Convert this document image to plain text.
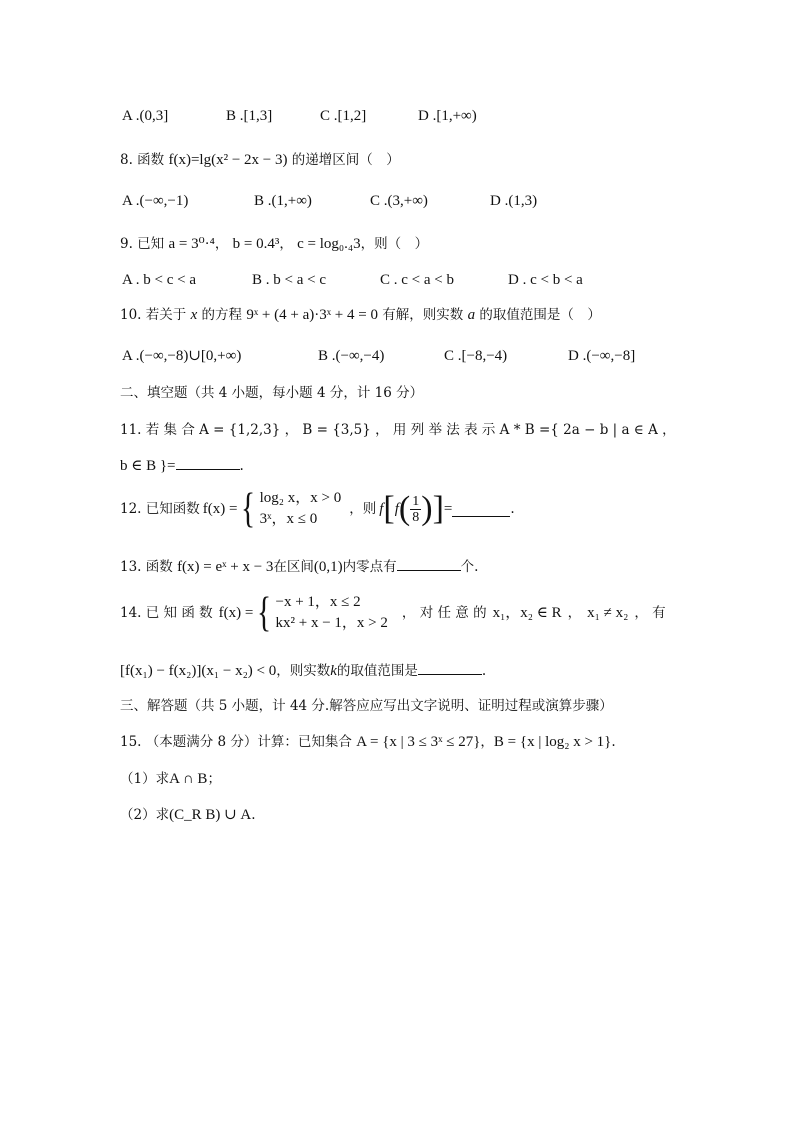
A .(0,3]	B .[1,3]	C .[1,2]	D .[1,+∞)
8. 函数 f(x)=lg(x² − 2x − 3) 的递增区间（　）
A .(−∞,−1)	B .(1,+∞)	C .(3,+∞)	D .(1,3)
9. 已知 a = 3⁰·⁴， b = 0.4³， c = log₀.₄3，则（　）
A . b < c < a	B . b < a < c	C . c < a < b	D . c < b < a
10. 若关于 x 的方程 9ˣ + (4 + a)·3ˣ + 4 = 0 有解，则实数 a 的取值范围是（　）
A .(−∞,−8)∪[0,+∞)	B .(−∞,−4)	C .[−8,−4)	D .(−∞,−8]
二、填空题（共 4 小题，每小题 4 分，计 16 分）
11. 若 集 合 A = {1,2,3} ， B = {3,5} ， 用 列 举 法 表 示 A * B ={ 2a − b | a ∈ A ，
b ∈ B }=	.
12. 已知函数 f(x) = { log₂ x，x > 0
3ˣ，x ≤ 0
，则 f [ f ( $\frac{1}{8}$ ) ] =	.
13. 函数 f(x) = eˣ + x − 3在区间(0,1)内零点有	个.
14. 已 知 函 数 f(x) = { −x + 1，x ≤ 2
kx² + x − 1，x > 2
， 对 任 意 的 x₁，x₂ ∈ R ， x₁ ≠ x₂ ， 有
[f(x₁) − f(x₂)](x₁ − x₂) < 0，则实数k的取值范围是	.
三、解答题（共 5 小题，计 44 分.解答应应写出文字说明、证明过程或演算步骤）
15. （本题满分 8 分）计算：已知集合 A = {x | 3 ≤ 3ˣ ≤ 27}，B = {x | log₂ x > 1}.
（1）求A ∩ B；
（2）求(C_R B) ∪ A.
